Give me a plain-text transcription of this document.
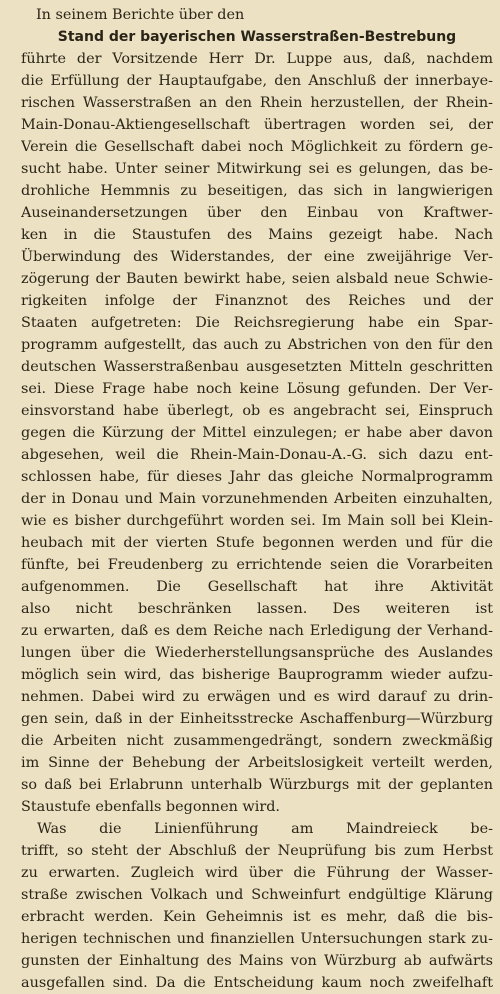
In seinem Berichte über den
Stand der bayerischen Wasserstraßen-Bestrebung
führte der Vorsitzende Herr Dr. Luppe aus, daß, nachdem
die Erfüllung der Hauptaufgabe, den Anschluß der innerbaye-
rischen Wasserstraßen an den Rhein herzustellen, der Rhein-
Main-Donau-Aktiengesellschaft übertragen worden sei, der
Verein die Gesellschaft dabei noch Möglichkeit zu fördern ge-
sucht habe. Unter seiner Mitwirkung sei es gelungen, das be-
drohliche Hemmnis zu beseitigen, das sich in langwierigen
Auseinandersetzungen über den Einbau von Kraftwer-
ken in die Staustufen des Mains gezeigt habe. Nach
Überwindung des Widerstandes, der eine zweijährige Ver-
zögerung der Bauten bewirkt habe, seien alsbald neue Schwie-
rigkeiten infolge der Finanznot des Reiches und der
Staaten aufgetreten: Die Reichsregierung habe ein Spar-
programm aufgestellt, das auch zu Abstrichen von den für den
deutschen Wasserstraßenbau ausgesetzten Mitteln geschritten
sei. Diese Frage habe noch keine Lösung gefunden. Der Ver-
einsvorstand habe überlegt, ob es angebracht sei, Einspruch
gegen die Kürzung der Mittel einzulegen; er habe aber davon
abgesehen, weil die Rhein-Main-Donau-A.-G. sich dazu ent-
schlossen habe, für dieses Jahr das gleiche Normalprogramm
der in Donau und Main vorzunehmenden Arbeiten einzuhalten,
wie es bisher durchgeführt worden sei. Im Main soll bei Klein-
heubach mit der vierten Stufe begonnen werden und für die
fünfte, bei Freudenberg zu errichtende seien die Vorarbeiten
aufgenommen. Die Gesellschaft hat ihre Aktivität
also nicht beschränken lassen. Des weiteren ist
zu erwarten, daß es dem Reiche nach Erledigung der Verhand-
lungen über die Wiederherstellungsansprüche des Auslandes
möglich sein wird, das bisherige Bauprogramm wieder aufzu-
nehmen. Dabei wird zu erwägen und es wird darauf zu drin-
gen sein, daß in der Einheitsstrecke Aschaffenburg—Würzburg
die Arbeiten nicht zusammengedrängt, sondern zweckmäßig
im Sinne der Behebung der Arbeitslosigkeit verteilt werden,
so daß bei Erlabrunn unterhalb Würzburgs mit der geplanten
Staustufe ebenfalls begonnen wird.
Was die Linienführung am Maindreieck be-
trifft, so steht der Abschluß der Neuprüfung bis zum Herbst
zu erwarten. Zugleich wird über die Führung der Wasser-
straße zwischen Volkach und Schweinfurt endgültige Klärung
erbracht werden. Kein Geheimnis ist es mehr, daß die bis-
herigen technischen und finanziellen Untersuchungen stark zu-
gunsten der Einhaltung des Mains von Würzburg ab aufwärts
ausgefallen sind. Da die Entscheidung kaum noch zweifelhaft
